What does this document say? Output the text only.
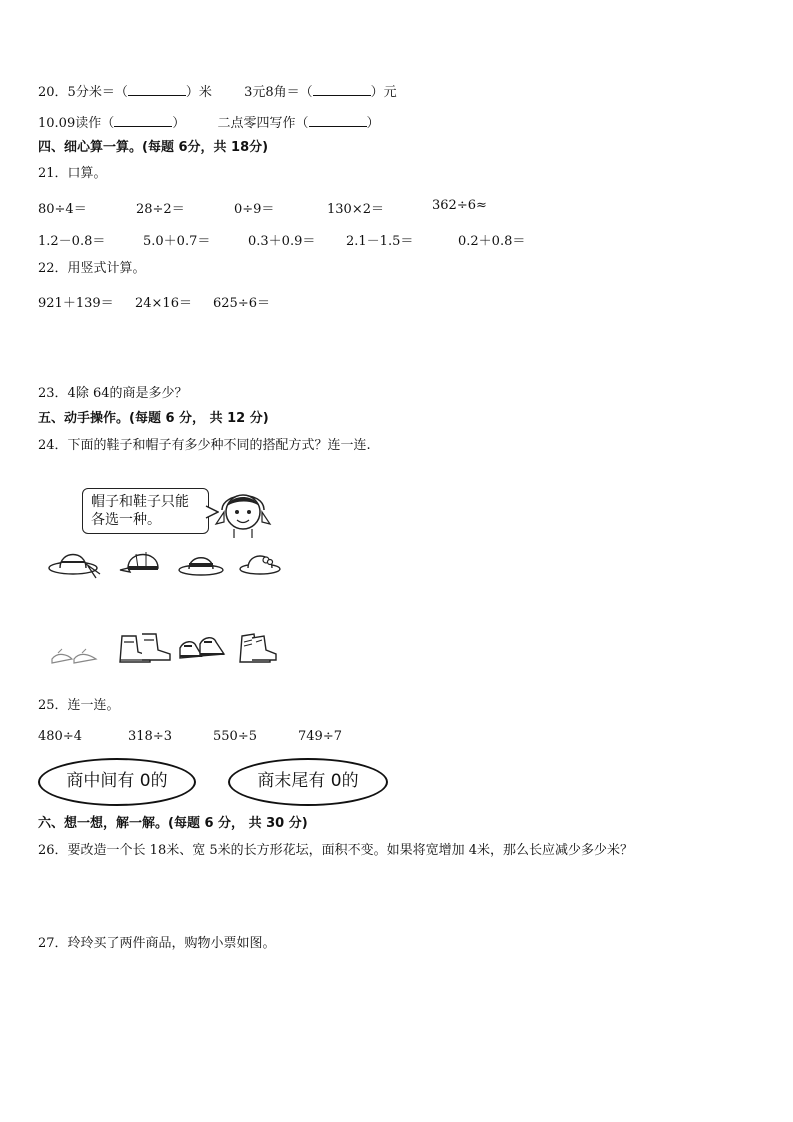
20．5分米＝（	）米 3元8角＝（	）元
10.09读作（	） 二点零四写作（	）
四、细心算一算。(每题 6分，共 18分)
21．口算。
80÷4＝	28÷2＝	0÷9＝	130×2＝	362÷6≈
1.2－0.8＝	5.0＋0.7＝	0.3＋0.9＝ 2.1－1.5＝	0.2＋0.8＝
22．用竖式计算。
921＋139＝ 24×16＝ 625÷6＝
23．4除 64的商是多少？
五、动手操作。(每题 6 分， 共 12 分)
24．下面的鞋子和帽子有多少种不同的搭配方式？连一连.
帽子和鞋子只能各选一种。
25．连一连。
480÷4	318÷3	550÷5	749÷7
商中间有 0的	商末尾有 0的
六、想一想，解一解。(每题 6 分， 共 30 分)
26．要改造一个长 18米、宽 5米的长方形花坛，面积不变。如果将宽增加 4米，那么长应减少多少米？
27．玲玲买了两件商品，购物小票如图。
